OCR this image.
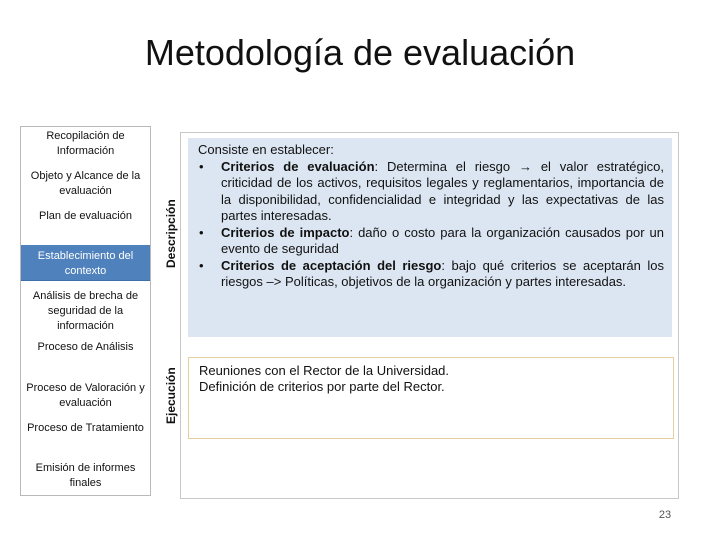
Metodología de evaluación
Recopilación de Información
Objeto y Alcance de la evaluación
Plan de evaluación
Establecimiento del contexto
Análisis de brecha de seguridad de la información
Proceso de Análisis
Proceso de Valoración y evaluación
Proceso de Tratamiento
Emisión de informes finales
Descripción
Ejecución
Consiste en establecer:
•	Criterios de evaluación: Determina el riesgo → el valor estratégico, criticidad de los activos, requisitos legales y reglamentarios, importancia de la disponibilidad, confidencialidad e integridad y las expectativas de las partes interesadas.
•	Criterios de impacto: daño o costo para la organización causados por un evento de seguridad
•	Criterios de aceptación del riesgo: bajo qué criterios se aceptarán los riesgos –> Políticas, objetivos de la organización y partes interesadas.
Reuniones con el Rector de la Universidad.
Definición de criterios por parte del Rector.
23
